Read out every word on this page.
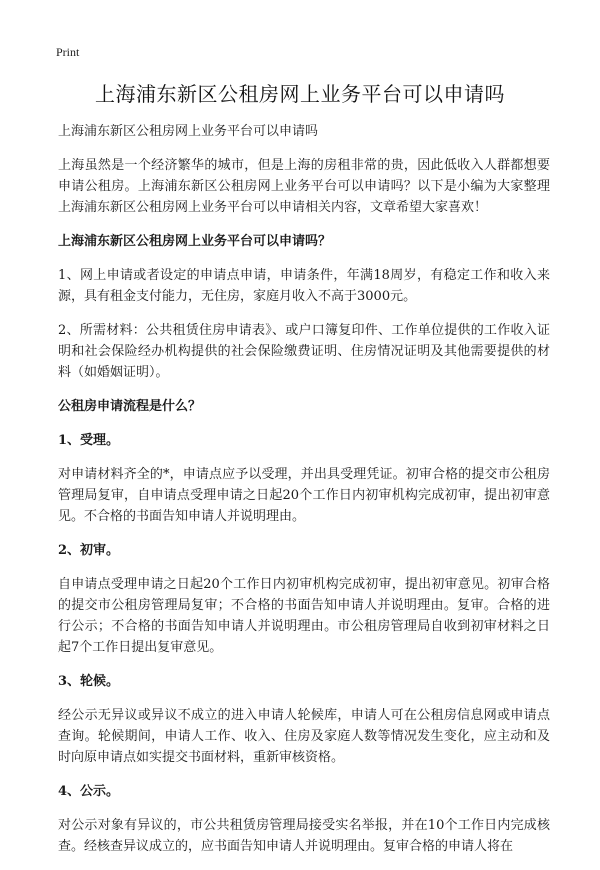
Print
上海浦东新区公租房网上业务平台可以申请吗
上海浦东新区公租房网上业务平台可以申请吗
上海虽然是一个经济繁华的城市，但是上海的房租非常的贵，因此低收入人群都想要申请公租房。上海浦东新区公租房网上业务平台可以申请吗？以下是小编为大家整理上海浦东新区公租房网上业务平台可以申请相关内容，文章希望大家喜欢！
上海浦东新区公租房网上业务平台可以申请吗？
1、网上申请或者设定的申请点申请，申请条件，年满18周岁，有稳定工作和收入来源，具有租金支付能力，无住房，家庭月收入不高于3000元。
2、所需材料：公共租赁住房申请表》、或户口簿复印件、工作单位提供的工作收入证明和社会保险经办机构提供的社会保险缴费证明、住房情况证明及其他需要提供的材料（如婚姻证明）。
公租房申请流程是什么？
1、受理。
对申请材料齐全的*，申请点应予以受理，并出具受理凭证。初审合格的提交市公租房管理局复审，自申请点受理申请之日起20个工作日内初审机构完成初审，提出初审意见。不合格的书面告知申请人并说明理由。
2、初审。
自申请点受理申请之日起20个工作日内初审机构完成初审，提出初审意见。初审合格的提交市公租房管理局复审；不合格的书面告知申请人并说明理由。复审。合格的进行公示；不合格的书面告知申请人并说明理由。市公租房管理局自收到初审材料之日起7个工作日提出复审意见。
3、轮候。
经公示无异议或异议不成立的进入申请人轮候库，申请人可在公租房信息网或申请点查询。轮候期间，申请人工作、收入、住房及家庭人数等情况发生变化，应主动和及时向原申请点如实提交书面材料，重新审核资格。
4、公示。
对公示对象有异议的，市公共租赁房管理局接受实名举报，并在10个工作日内完成核查。经核查异议成立的，应书面告知申请人并说明理由。复审合格的申请人将在
